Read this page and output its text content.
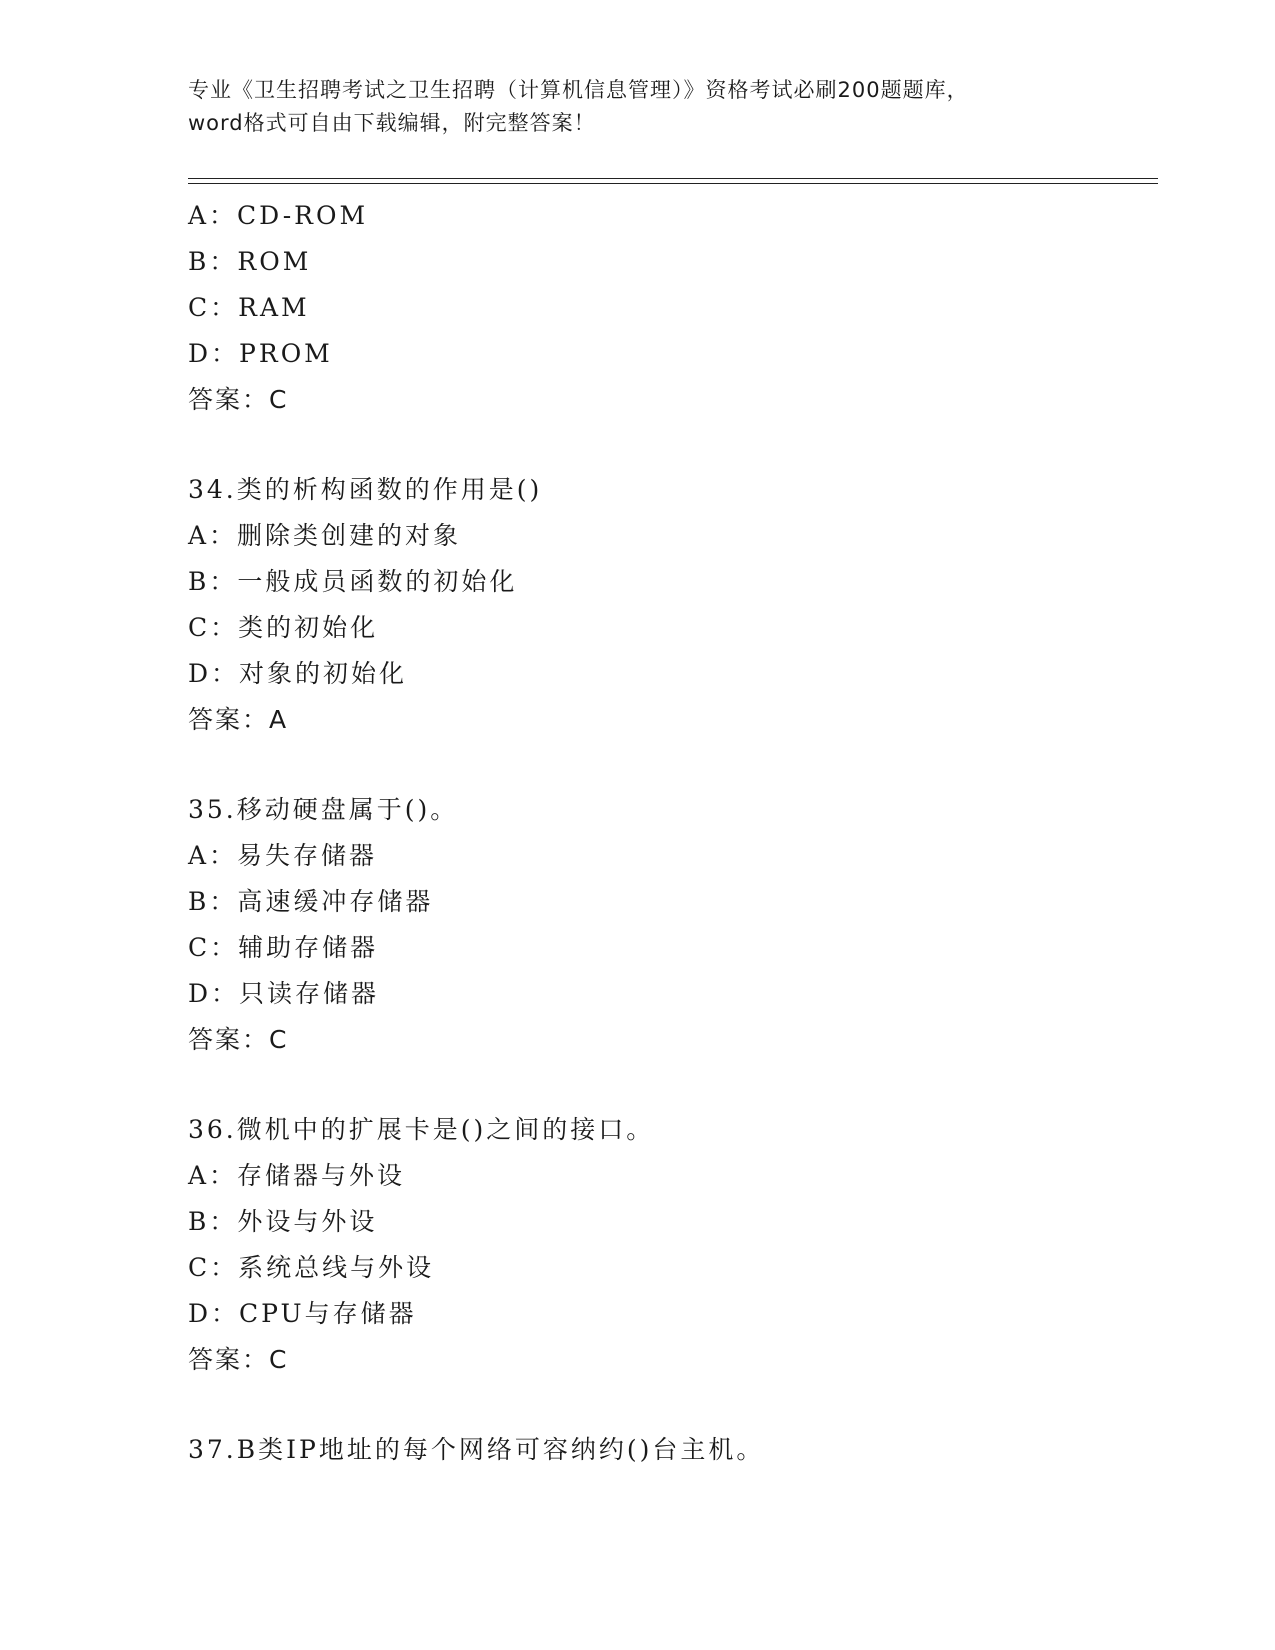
专业《卫生招聘考试之卫生招聘（计算机信息管理）》资格考试必刷200题题库，
word格式可自由下载编辑，附完整答案！
A：CD-ROM
B：ROM
C：RAM
D：PROM
答案：C
34.类的析构函数的作用是()
A：删除类创建的对象
B：一般成员函数的初始化
C：类的初始化
D：对象的初始化
答案：A
35.移动硬盘属于()。
A：易失存储器
B：高速缓冲存储器
C：辅助存储器
D：只读存储器
答案：C
36.微机中的扩展卡是()之间的接口。
A：存储器与外设
B：外设与外设
C：系统总线与外设
D：CPU与存储器
答案：C
37.B类IP地址的每个网络可容纳约()台主机。
